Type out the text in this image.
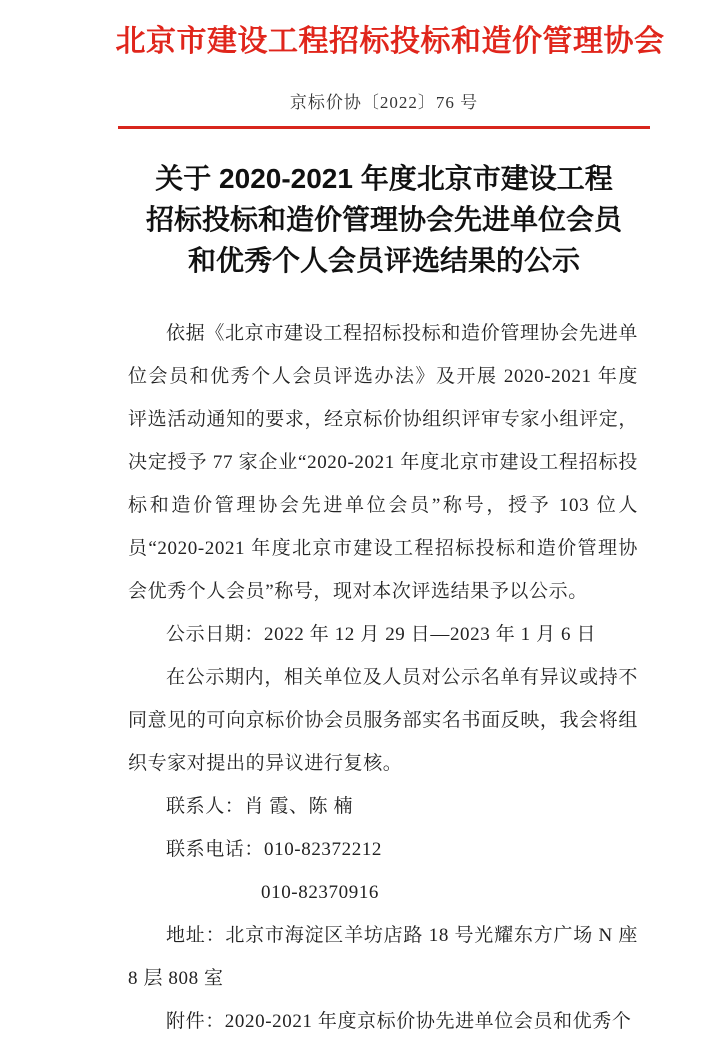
北京市建设工程招标投标和造价管理协会
京标价协〔2022〕76 号
关于 2020-2021 年度北京市建设工程
招标投标和造价管理协会先进单位会员
和优秀个人会员评选结果的公示

依据《北京市建设工程招标投标和造价管理协会先进单位会员和优秀个人会员评选办法》及开展 2020-2021 年度评选活动通知的要求，经京标价协组织评审专家小组评定，决定授予 77 家企业“2020-2021 年度北京市建设工程招标投标和造价管理协会先进单位会员”称号，授予 103 位人员“2020-2021 年度北京市建设工程招标投标和造价管理协会优秀个人会员”称号，现对本次评选结果予以公示。

公示日期：2022 年 12 月 29 日—2023 年 1 月 6 日

在公示期内，相关单位及人员对公示名单有异议或持不同意见的可向京标价协会员服务部实名书面反映，我会将组织专家对提出的异议进行复核。

联系人：肖 霞、陈 楠

联系电话：010-82372212

010-82370916

地址：北京市海淀区羊坊店路 18 号光耀东方广场 N 座 8 层 808 室

附件：2020-2021 年度京标价协先进单位会员和优秀个
